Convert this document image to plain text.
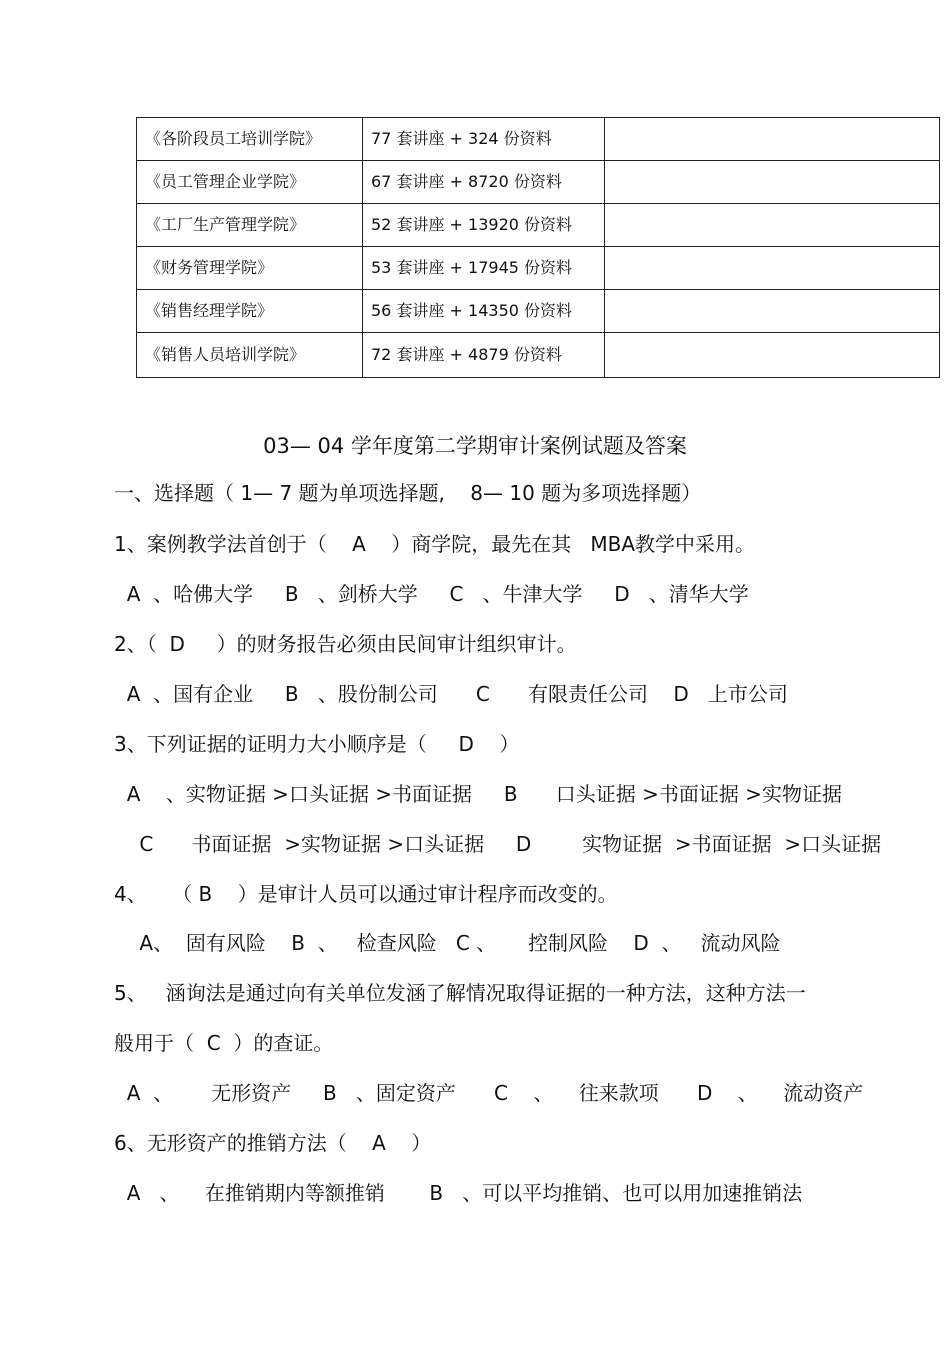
《各阶段员工培训学院》	77 套讲座 + 324 份资料	
《员工管理企业学院》	67 套讲座 + 8720 份资料	
《工厂生产管理学院》	52 套讲座 + 13920 份资料	
《财务管理学院》	53 套讲座 + 17945 份资料	
《销售经理学院》	56 套讲座 + 14350 份资料	
《销售人员培训学院》	72 套讲座 + 4879 份资料	
03— 04 学年度第二学期审计案例试题及答案
一、选择题（ 1— 7 题为单项选择题,    8— 10 题为多项选择题）
1、案例教学法首创于（    A    ）商学院，最先在其   MBA教学中采用。
A  、哈佛大学     B   、剑桥大学     C   、牛津大学     D   、清华大学
2、（  D     ）的财务报告必须由民间审计组织审计。
A  、国有企业     B   、股份制公司      C      有限责任公司    D   上市公司
3、下列证据的证明力大小顺序是（     D    ）
A    、实物证据 >口头证据 >书面证据     B      口头证据 >书面证据 >实物证据
C      书面证据  >实物证据 >口头证据     D        实物证据  >书面证据  >口头证据
4、    （ B    ）是审计人员可以通过审计程序而改变的。
A、  固有风险    B  、   检查风险   C 、     控制风险    D  、   流动风险
5、   涵询法是通过向有关单位发涵了解情况取得证据的一种方法，这种方法一
般用于（  C  ）的查证。
A  、      无形资产     B   、固定资产      C    、    往来款项      D    、    流动资产
6、无形资产的推销方法（    A    ）
A   、    在推销期内等额推销       B   、可以平均推销、也可以用加速推销法
